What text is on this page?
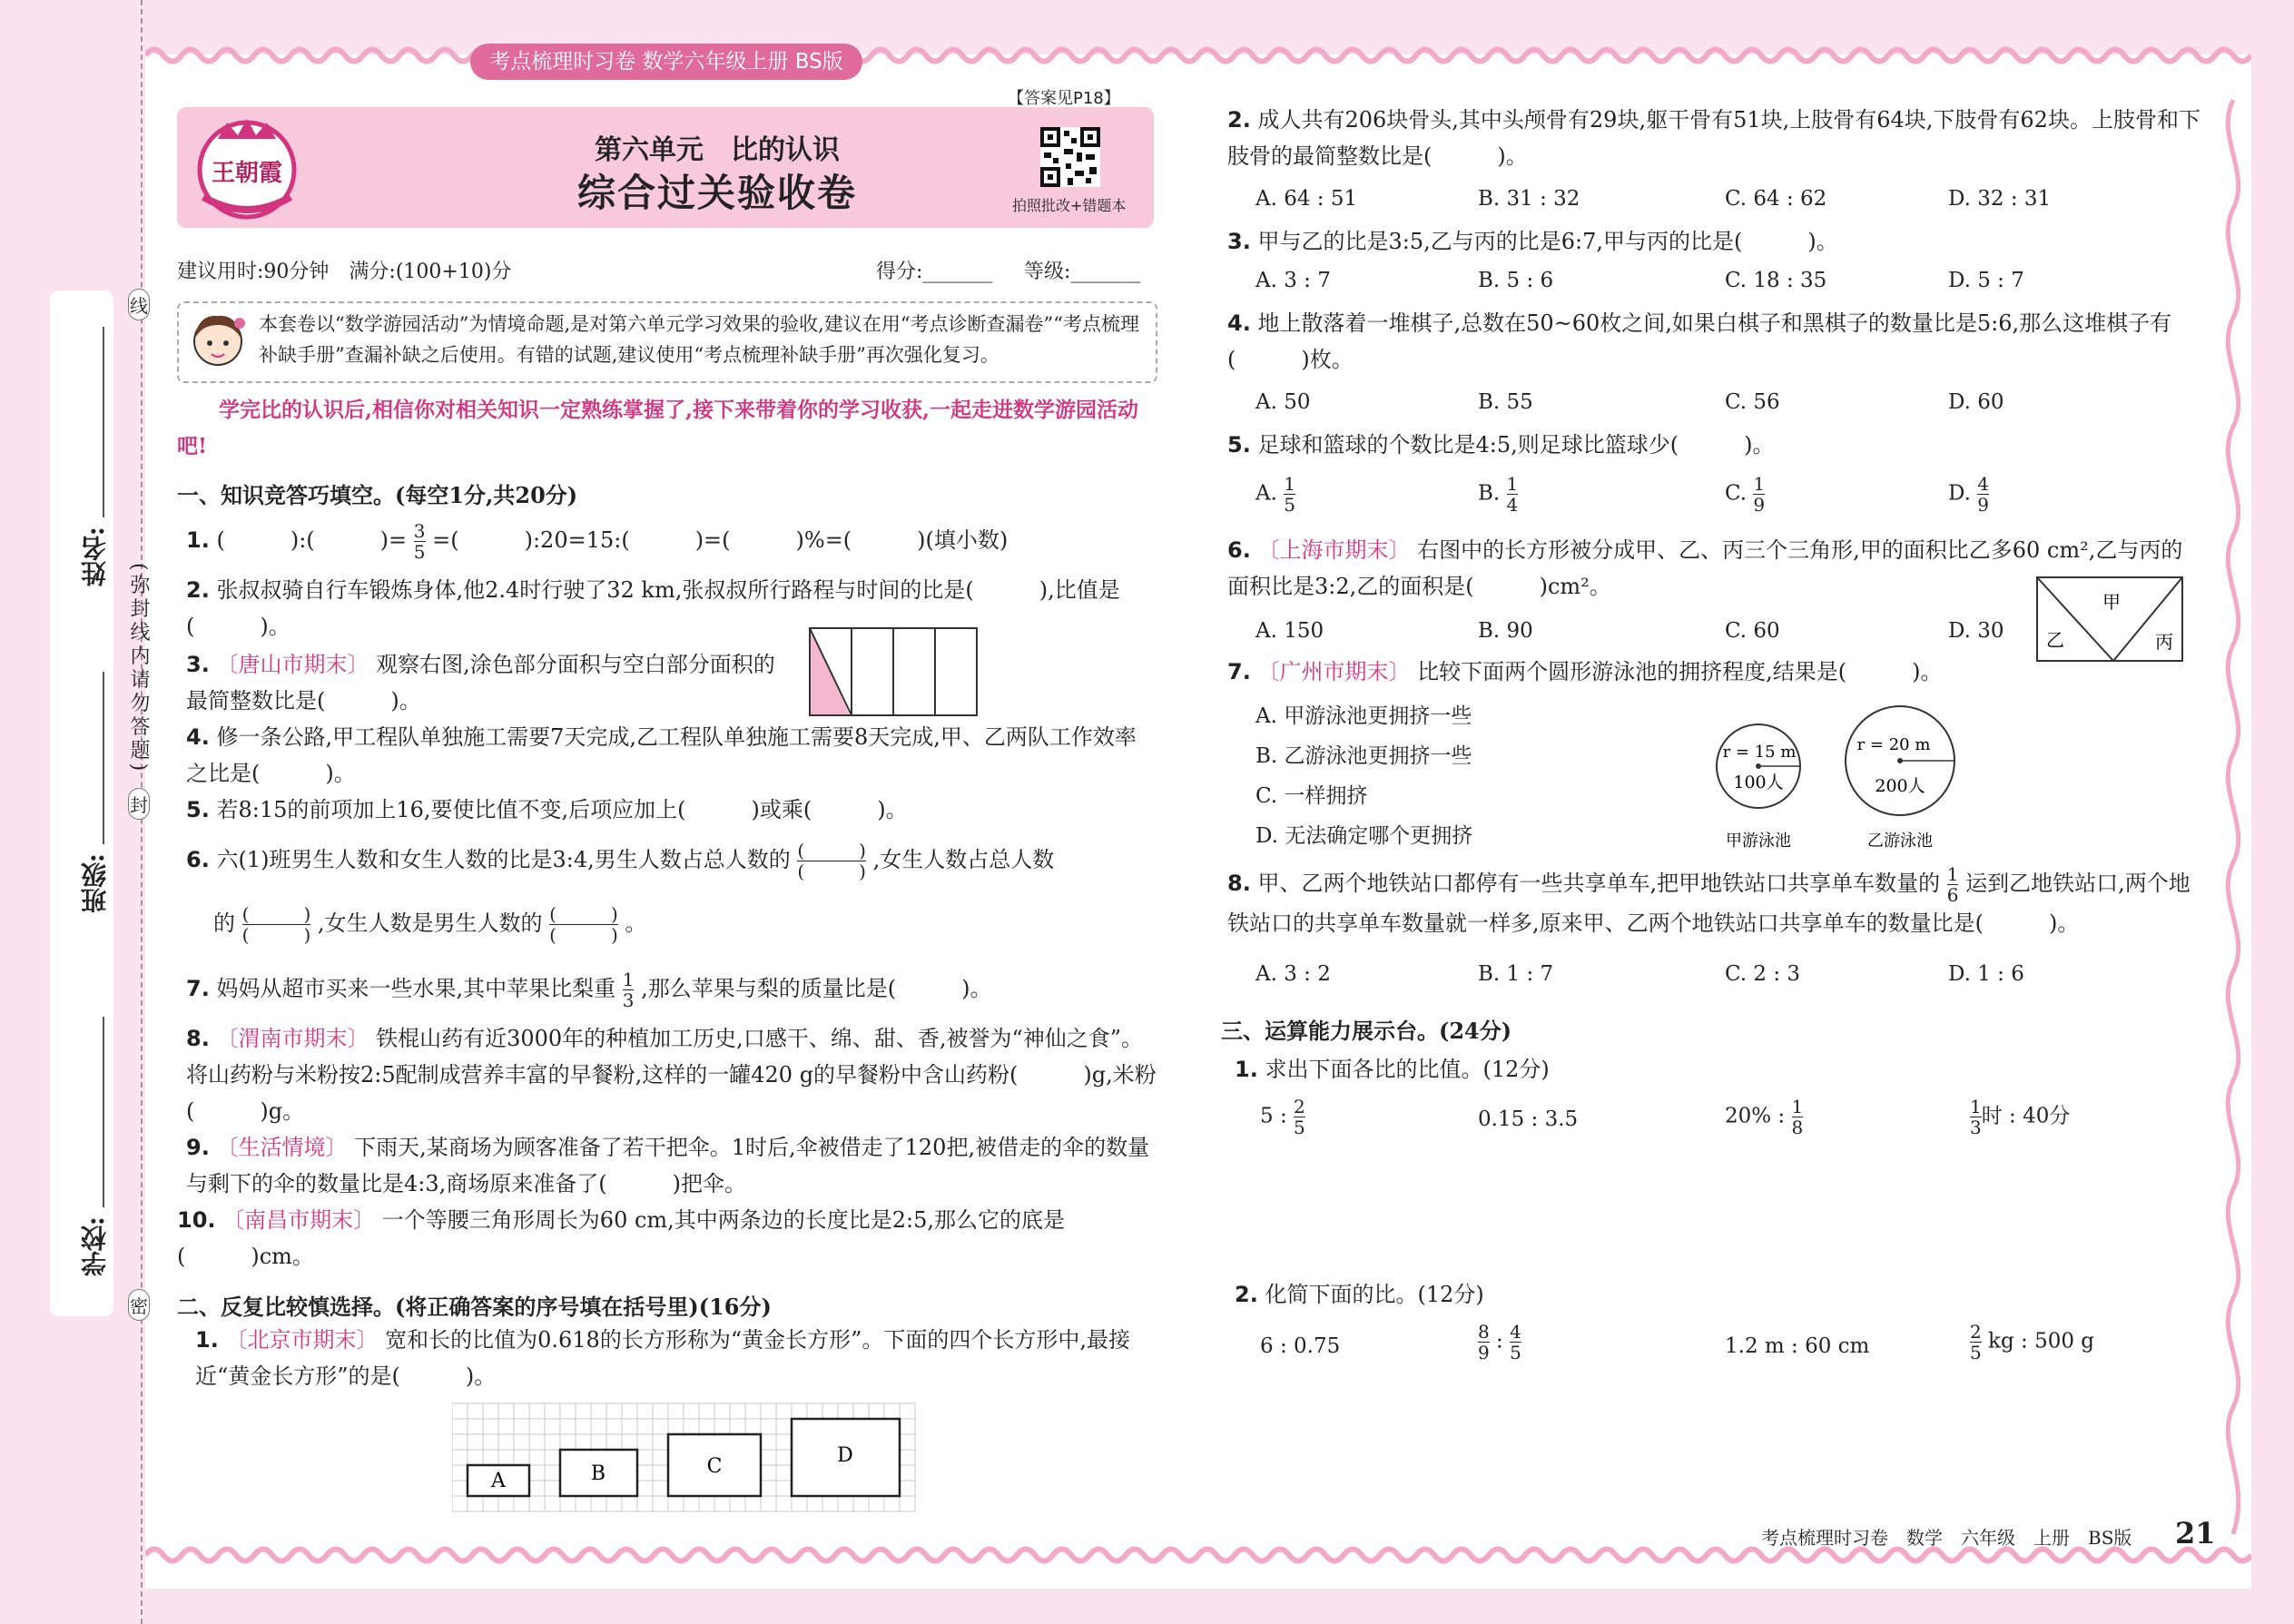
姓名:
班级:
学校:
(弥封线内请勿答题)
线
封
密
考点梳理时习卷 数学六年级上册 BS版
王朝霞
第六单元　比的认识
综合过关验收卷
【答案见P18】
拍照批改+错题本
建议用时:90分钟　满分:(100+10)分	得分:_______ 等级:_______
本套卷以“数学游园活动”为情境命题,是对第六单元学习效果的验收,建议在用“考点诊断查漏卷”“考点梳理补缺手册”查漏补缺之后使用。有错的试题,建议使用“考点梳理补缺手册”再次强化复习。
学完比的认识后,相信你对相关知识一定熟练掌握了,接下来带着你的学习收获,一起走进数学游园活动吧!
一、知识竞答巧填空。(每空1分,共20分)
1. (　　　):(　　　)= $\frac{3}{5}$ =(　　　):20=15:(　　　)=(　　　)%=(　　　)(填小数)
2. 张叔叔骑自行车锻炼身体,他2.4时行驶了32 km,张叔叔所行路程与时间的比是(　　　),比值是(　　　)。
3. 〔唐山市期末〕 观察右图,涂色部分面积与空白部分面积的最简整数比是(　　　)。
4. 修一条公路,甲工程队单独施工需要7天完成,乙工程队单独施工需要8天完成,甲、乙两队工作效率之比是(　　　)。
5. 若8:15的前项加上16,要使比值不变,后项应加上(　　　)或乘(　　　)。
6. 六(1)班男生人数和女生人数的比是3:4,男生人数占总人数的 $\frac{( )}{( )}$ ,女生人数占总人数
的 $\frac{( )}{( )}$ ,女生人数是男生人数的 $\frac{( )}{( )}$ 。
7. 妈妈从超市买来一些水果,其中苹果比梨重 $\frac{1}{3}$ ,那么苹果与梨的质量比是(　　　)。
8. 〔渭南市期末〕 铁棍山药有近3000年的种植加工历史,口感干、绵、甜、香,被誉为“神仙之食”。将山药粉与米粉按2:5配制成营养丰富的早餐粉,这样的一罐420 g的早餐粉中含山药粉(　　　)g,米粉(　　　)g。
9. 〔生活情境〕 下雨天,某商场为顾客准备了若干把伞。1时后,伞被借走了120把,被借走的伞的数量与剩下的伞的数量比是4:3,商场原来准备了(　　　)把伞。
10. 〔南昌市期末〕 一个等腰三角形周长为60 cm,其中两条边的长度比是2:5,那么它的底是(　　　)cm。
二、反复比较慎选择。(将正确答案的序号填在括号里)(16分)
1. 〔北京市期末〕 宽和长的比值为0.618的长方形称为“黄金长方形”。下面的四个长方形中,最接近“黄金长方形”的是(　　　)。
A	B	C	D
2. 成人共有206块骨头,其中头颅骨有29块,躯干骨有51块,上肢骨有64块,下肢骨有62块。上肢骨和下肢骨的最简整数比是(　　　)。
A. 64 : 51	B. 31 : 32	C. 64 : 62	D. 32 : 31
3. 甲与乙的比是3:5,乙与丙的比是6:7,甲与丙的比是(　　　)。
A. 3 : 7	B. 5 : 6	C. 18 : 35	D. 5 : 7
4. 地上散落着一堆棋子,总数在50~60枚之间,如果白棋子和黑棋子的数量比是5:6,那么这堆棋子有(　　　)枚。
A. 50	B. 55	C. 56	D. 60
5. 足球和篮球的个数比是4:5,则足球比篮球少(　　　)。
A. $\frac{1}{5}$	B. $\frac{1}{4}$	C. $\frac{1}{9}$	D. $\frac{4}{9}$
6. 〔上海市期末〕 右图中的长方形被分成甲、乙、丙三个三角形,甲的面积比乙多60 cm²,乙与丙的面积比是3:2,乙的面积是(　　　)cm²。
A. 150	B. 90	C. 60	D. 30
甲
乙	丙
7. 〔广州市期末〕 比较下面两个圆形游泳池的拥挤程度,结果是(　　　)。
A. 甲游泳池更拥挤一些
B. 乙游泳池更拥挤一些
C. 一样拥挤
D. 无法确定哪个更拥挤
r = 15 m
100人
甲游泳池
r = 20 m
200人
乙游泳池
8. 甲、乙两个地铁站口都停有一些共享单车,把甲地铁站口共享单车数量的 $\frac{1}{6}$ 运到乙地铁站口,两个地铁站口的共享单车数量就一样多,原来甲、乙两个地铁站口共享单车的数量比是(　　　)。
A. 3 : 2	B. 1 : 7	C. 2 : 3	D. 1 : 6
三、运算能力展示台。(24分)
1. 求出下面各比的比值。(12分)
5 : $\frac{2}{5}$	0.15 : 3.5	20% : $\frac{1}{8}$	$\frac{1}{3}$ 时 : 40分
2. 化简下面的比。(12分)
6 : 0.75	$\frac{8}{9}$ : $\frac{4}{5}$	1.2 m : 60 cm	$\frac{2}{5}$ kg : 500 g
考点梳理时习卷　数学　六年级　上册　BS版 21
